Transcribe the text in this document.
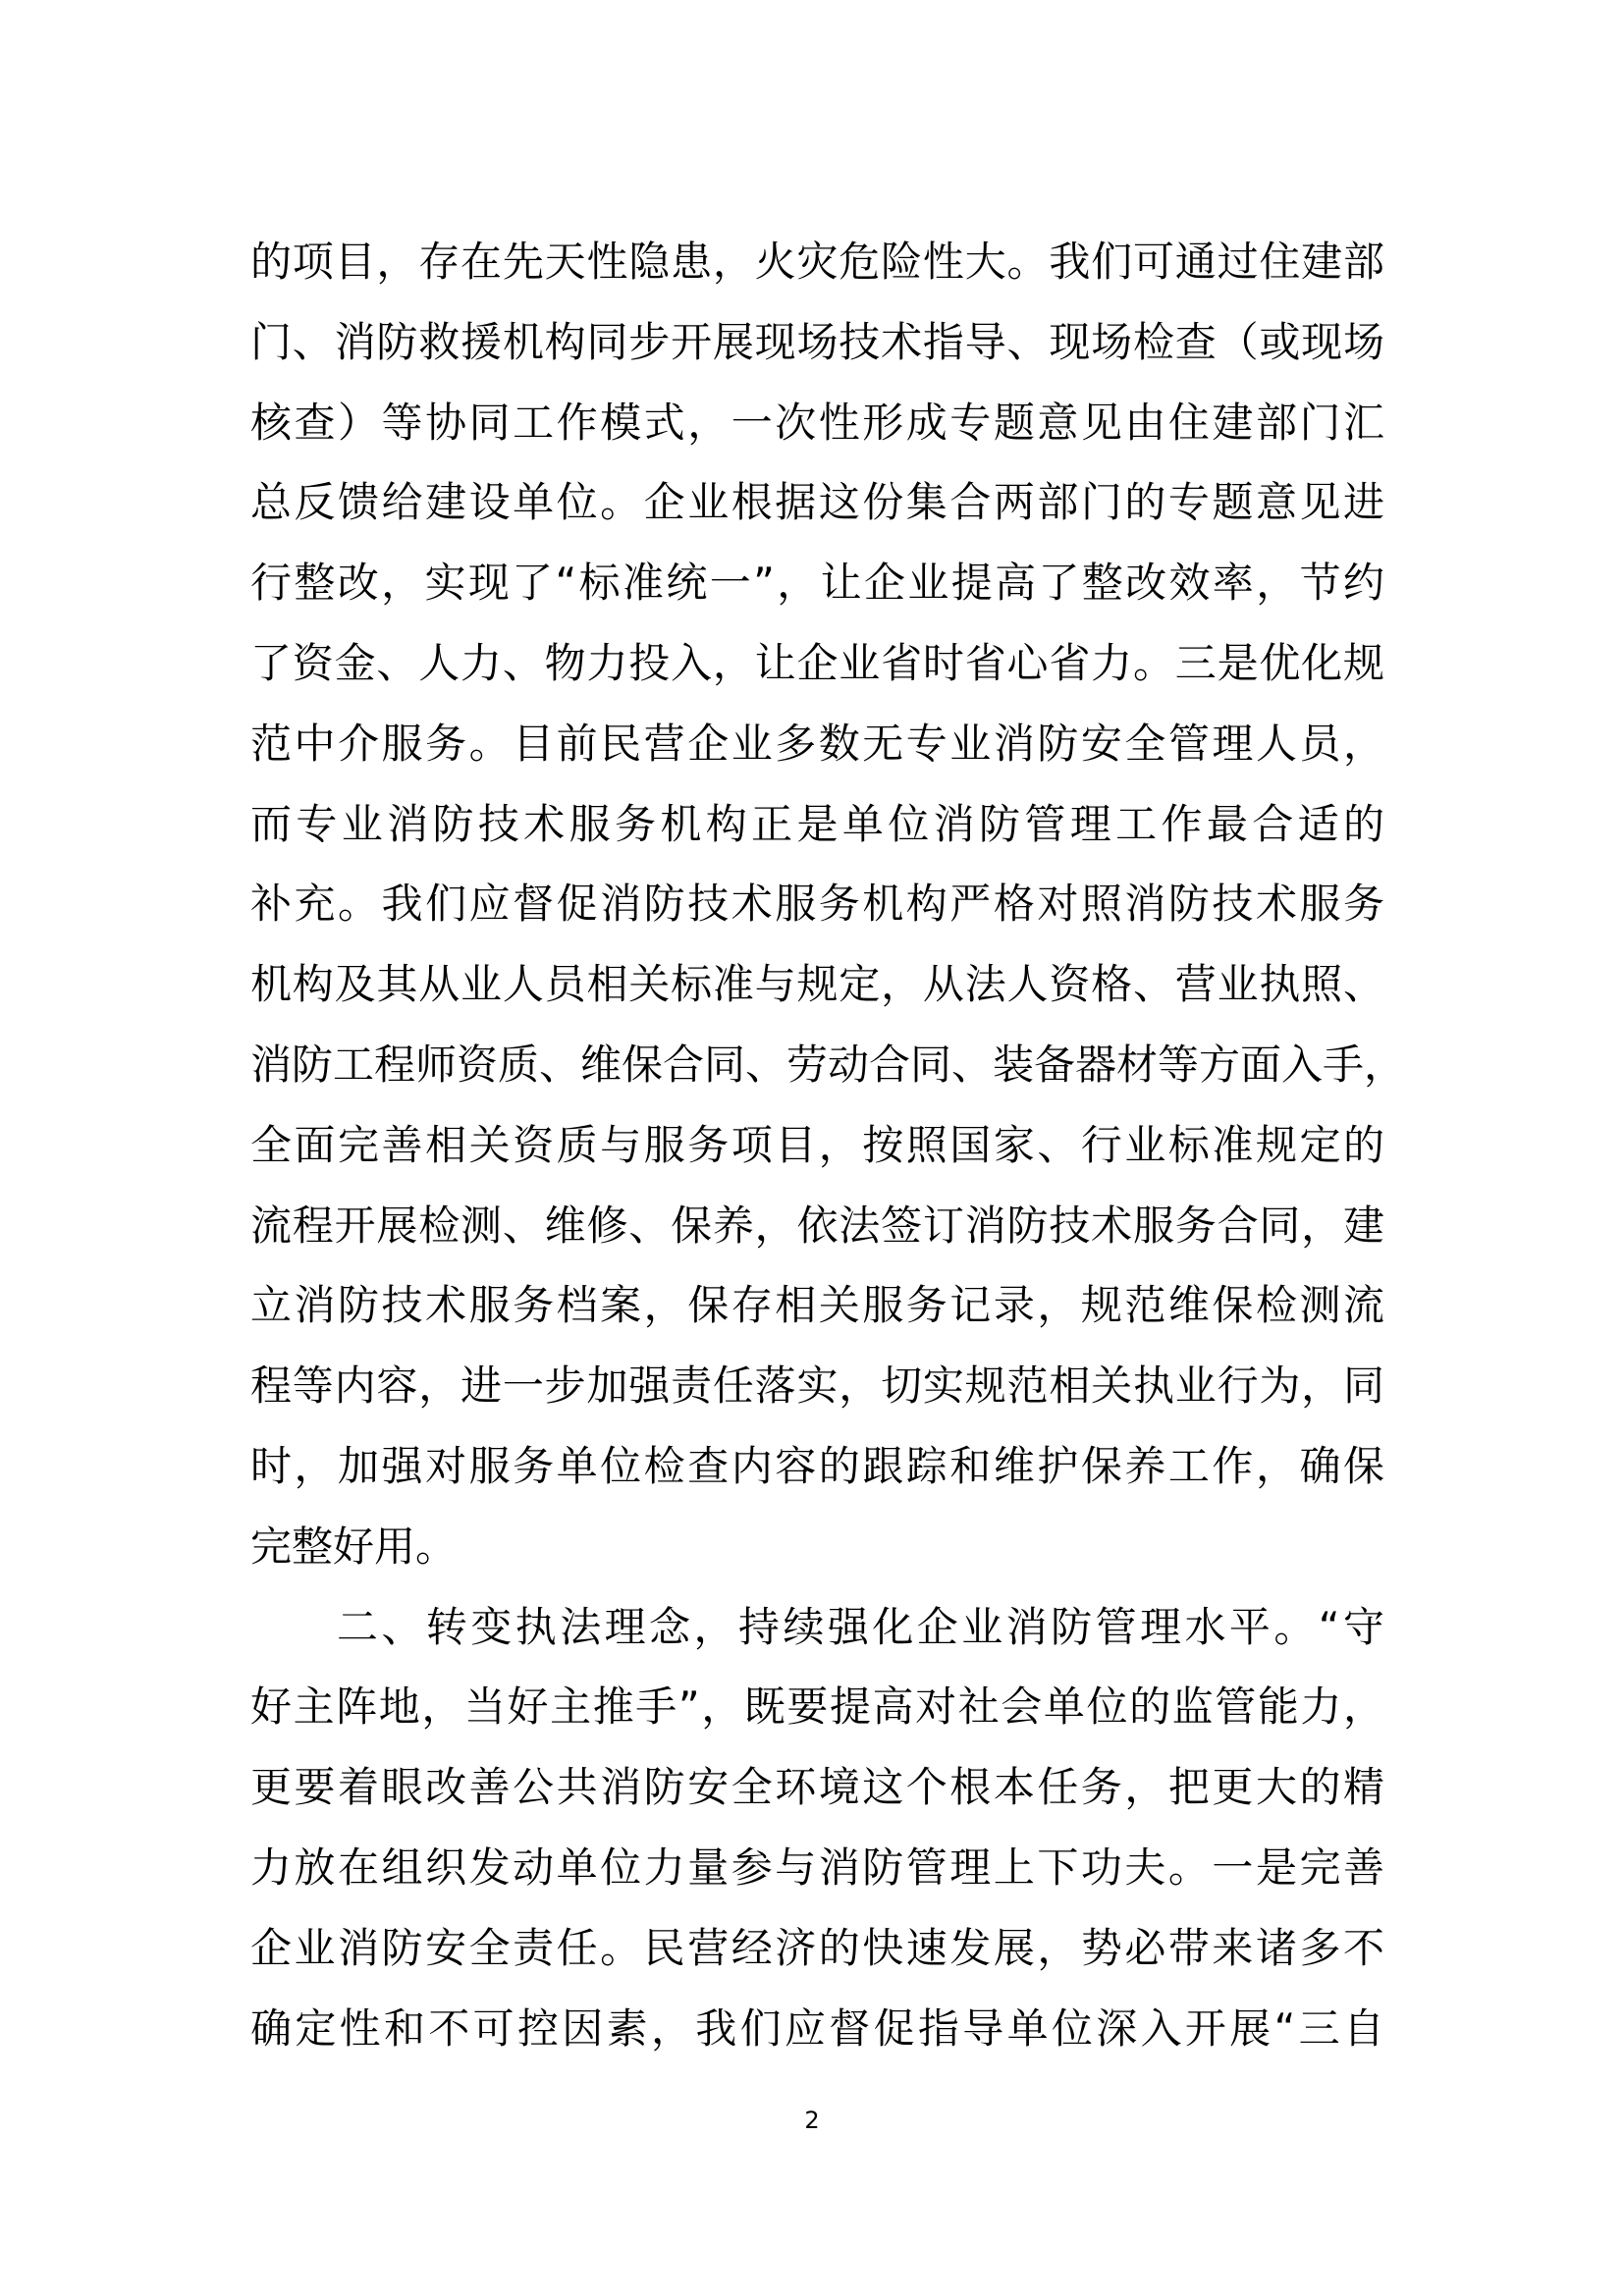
的项目，存在先天性隐患，火灾危险性大。我们可通过住建部
门、消防救援机构同步开展现场技术指导、现场检查（或现场
核查）等协同工作模式，一次性形成专题意见由住建部门汇
总反馈给建设单位。企业根据这份集合两部门的专题意见进
行整改，实现了“标准统一”，让企业提高了整改效率，节约
了资金、人力、物力投入，让企业省时省心省力。三是优化规
范中介服务。目前民营企业多数无专业消防安全管理人员，
而专业消防技术服务机构正是单位消防管理工作最合适的
补充。我们应督促消防技术服务机构严格对照消防技术服务
机构及其从业人员相关标准与规定，从法人资格、营业执照、
消防工程师资质、维保合同、劳动合同、装备器材等方面入手，
全面完善相关资质与服务项目，按照国家、行业标准规定的
流程开展检测、维修、保养，依法签订消防技术服务合同，建
立消防技术服务档案，保存相关服务记录，规范维保检测流
程等内容，进一步加强责任落实，切实规范相关执业行为，同
时，加强对服务单位检查内容的跟踪和维护保养工作，确保
完整好用。
二、转变执法理念，持续强化企业消防管理水平。“守
好主阵地，当好主推手”，既要提高对社会单位的监管能力，
更要着眼改善公共消防安全环境这个根本任务，把更大的精
力放在组织发动单位力量参与消防管理上下功夫。一是完善
企业消防安全责任。民营经济的快速发展，势必带来诸多不
确定性和不可控因素，我们应督促指导单位深入开展“三自
2
